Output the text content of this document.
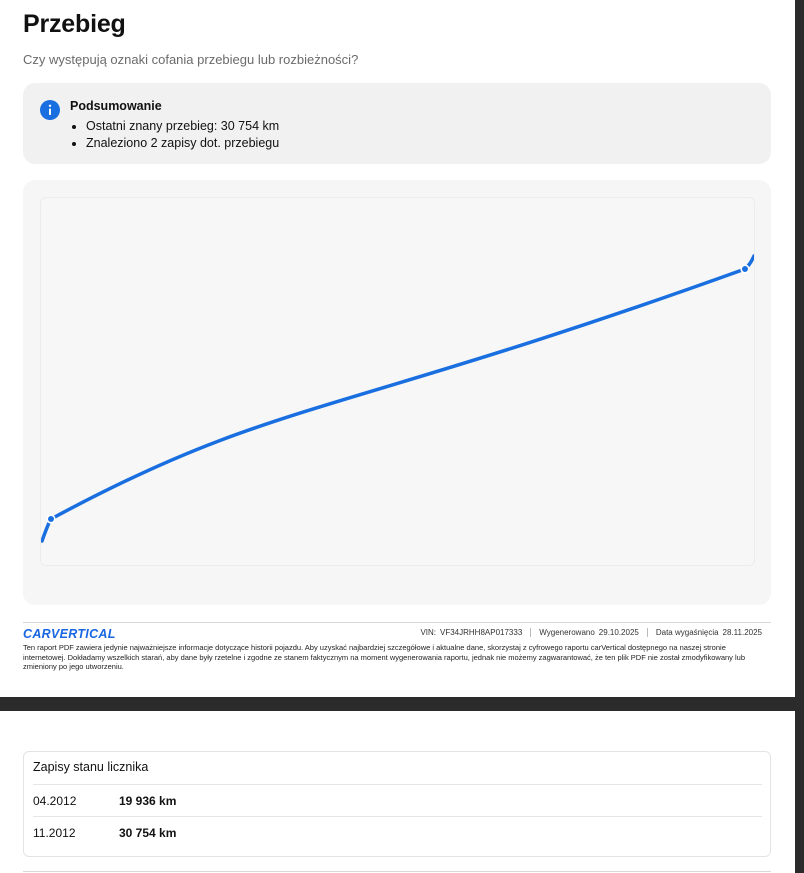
Przebieg
Czy występują oznaki cofania przebiegu lub rozbieżności?
Podsumowanie
• Ostatni znany przebieg: 30 754 km
• Znaleziono 2 zapisy dot. przebiegu
CARVERTICAL	VIN: VF34JRHH8AP017333	Wygenerowano 29.10.2025	Data wygaśnięcia 28.11.2025
Ten raport PDF zawiera jedynie najważniejsze informacje dotyczące historii pojazdu. Aby uzyskać najbardziej szczegółowe i aktualne dane, skorzystaj z cyfrowego raportu carVertical dostępnego na naszej stronie internetowej. Dokładamy wszelkich starań, aby dane były rzetelne i zgodne ze stanem faktycznym na moment wygenerowania raportu, jednak nie możemy zagwarantować, że ten plik PDF nie został zmodyfikowany lub zmieniony po jego utworzeniu.
Zapisy stanu licznika
04.2012	19 936 km
11.2012	30 754 km
